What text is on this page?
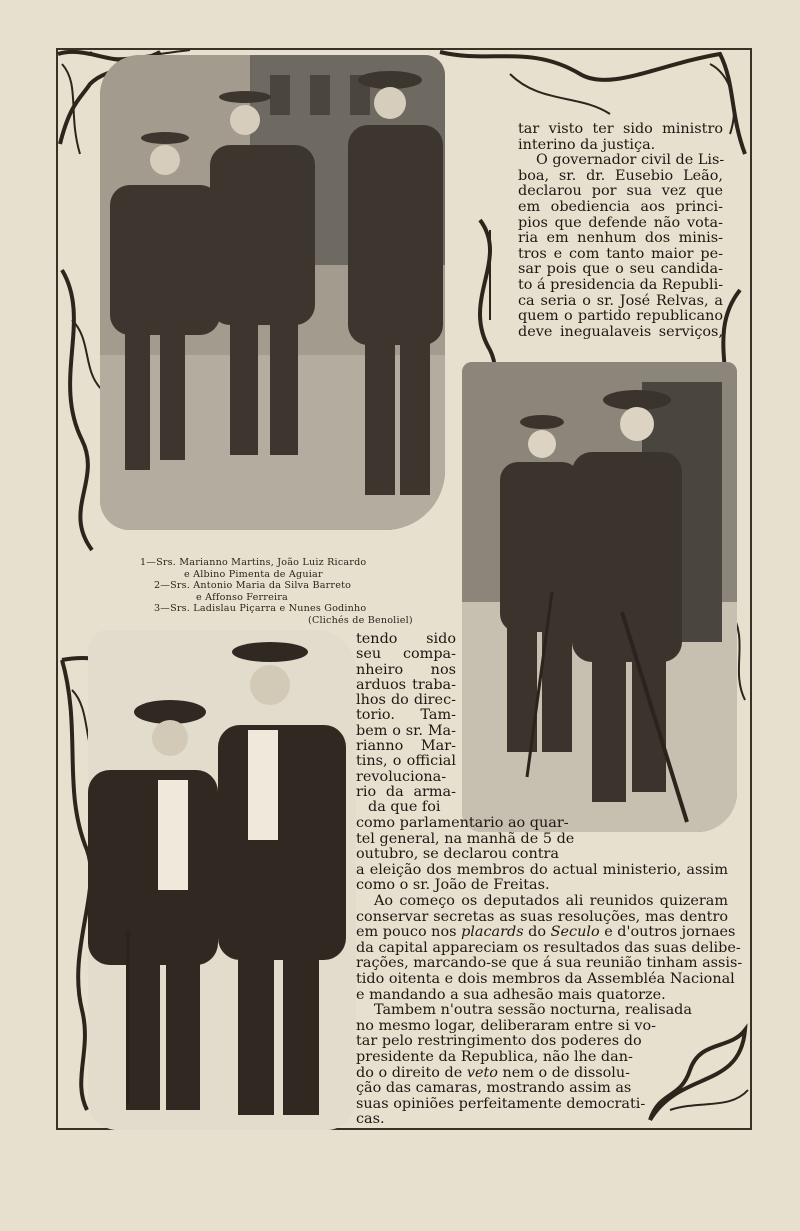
1—Srs. Marianno Martins, João Luiz Ricardo
e Albino Pimenta de Aguiar
2—Srs. Antonio Maria da Silva Barreto
e Affonso Ferreira
3—Srs. Ladislau Piçarra e Nunes Godinho
(Clichés de Benoliel)
tar visto ter sido ministro
interino da justiça.
O governador civil de Lis-
boa, sr. dr. Eusebio Leão,
declarou por sua vez que
em obediencia aos princi-
pios que defende não vota-
ria em nenhum dos minis-
tros e com tanto maior pe-
sar pois que o seu candida-
to á presidencia da Republi-
ca seria o sr. José Relvas, a
quem o partido republicano
deve inegualaveis serviços,
tendo sido
seu compa-
nheiro nos
arduos traba-
lhos do direc-
torio. Tam-
bem o sr. Ma-
rianno Mar-
tins, o official
revoluciona-
rio da arma-
da que foi
como parlamentario ao quar-
tel general, na manhã de 5 de
outubro, se declarou contra
a eleição dos membros do actual ministerio, assim
como o sr. João de Freitas.
Ao começo os deputados ali reunidos quizeram
conservar secretas as suas resoluções, mas dentro
em pouco nos placards do Seculo e d'outros jornaes
da capital appareciam os resultados das suas delibe-
rações, marcando-se que á sua reunião tinham assis-
tido oitenta e dois membros da Assembléa Nacional
e mandando a sua adhesão mais quatorze.
Tambem n'outra sessão nocturna, realisada
no mesmo logar, deliberaram entre si vo-
tar pelo restringimento dos poderes do
presidente da Republica, não lhe dan-
do o direito de veto nem o de dissolu-
ção das camaras, mostrando assim as
suas opiniões perfeitamente democrati-
cas.
